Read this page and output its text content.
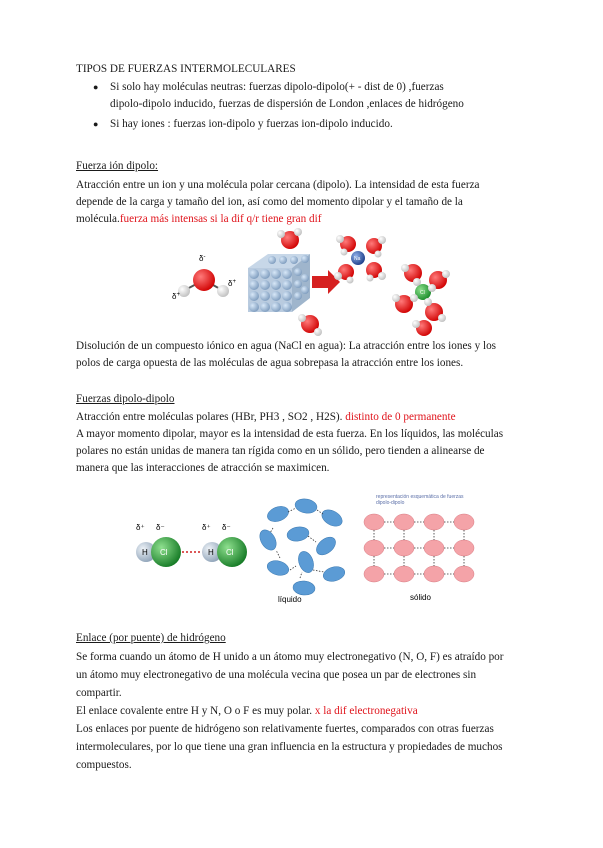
TIPOS DE FUERZAS INTERMOLECULARES
● Si solo hay moléculas neutras: fuerzas dipolo-dipolo(+ - dist de 0) ,fuerzas
dipolo-dipolo inducido, fuerzas de dispersión de London ,enlaces de hidrógeno
● Si hay iones : fuerzas ion-dipolo y fuerzas ion-dipolo inducido.
Fuerza ión dipolo:
Atracción entre un ion y una molécula polar cercana (dipolo). La intensidad de esta fuerza
depende de la carga y tamaño del ion, así como del momento dipolar y el tamaño de la
molécula.fuerza más intensas si la dif q/r tiene gran dif
δ-
δ+
δ+
Na
Cl
Disolución de un compuesto iónico en agua (NaCl en agua): La atracción entre los iones y los
polos de carga opuesta de las moléculas de agua sobrepasa la atracción entre los iones.
Fuerzas dipolo-dipolo
Atracción entre moléculas polares (HBr, PH3 , SO2 , H2S). distinto de 0 permanente
A mayor momento dipolar, mayor es la intensidad de esta fuerza. En los líquidos, las moléculas
polares no están unidas de manera tan rígida como en un sólido, pero tienden a alinearse de
manera que las interacciones de atracción se maximicen.
δ⁺ δ⁻
H Cl
δ⁺ δ⁻
H Cl
líquido
representación esquemática de fuerzas
dipolo-dipolo
sólido
Enlace (por puente) de hidrógeno
Se forma cuando un átomo de H unido a un átomo muy electronegativo (N, O, F) es atraído por
un átomo muy electronegativo de una molécula vecina que posea un par de electrones sin
compartir.
El enlace covalente entre H y N, O o F es muy polar. x la dif electronegativa
Los enlaces por puente de hidrógeno son relativamente fuertes, comparados con otras fuerzas
intermoleculares, por lo que tiene una gran influencia en la estructura y propiedades de muchos
compuestos.
